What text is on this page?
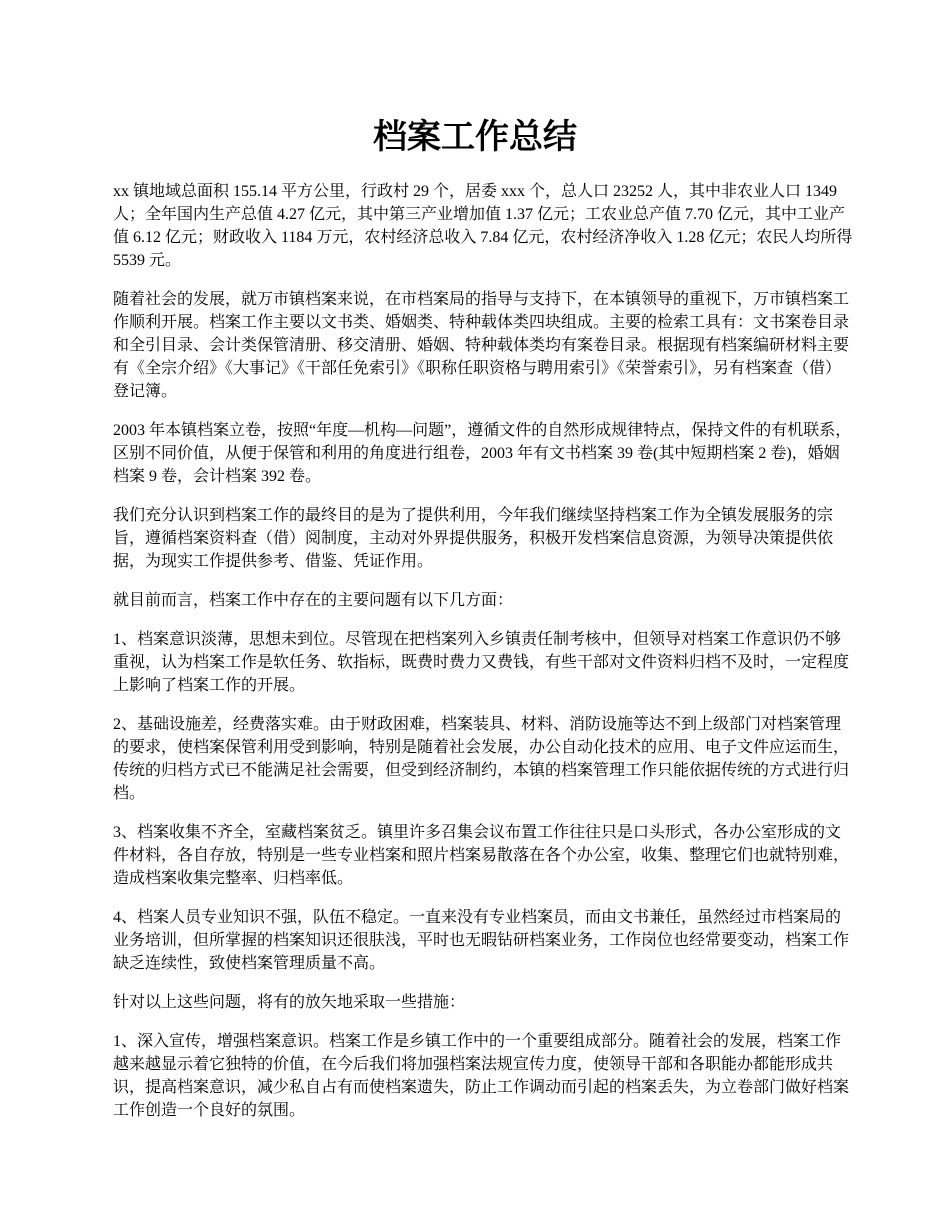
档案工作总结

xx 镇地域总面积 155.14 平方公里，行政村 29 个，居委 xxx 个，总人口 23252 人，其中非农业人口 1349 人；全年国内生产总值 4.27 亿元，其中第三产业增加值 1.37 亿元；工农业总产值 7.70 亿元，其中工业产值 6.12 亿元；财政收入 1184 万元，农村经济总收入 7.84 亿元，农村经济净收入 1.28 亿元；农民人均所得 5539 元。

随着社会的发展，就万市镇档案来说，在市档案局的指导与支持下，在本镇领导的重视下，万市镇档案工作顺利开展。档案工作主要以文书类、婚姻类、特种载体类四块组成。主要的检索工具有：文书案卷目录和全引目录、会计类保管清册、移交清册、婚姻、特种载体类均有案卷目录。根据现有档案编研材料主要有《全宗介绍》《大事记》《干部任免索引》《职称任职资格与聘用索引》《荣誉索引》，另有档案查（借）登记簿。

2003 年本镇档案立卷，按照“年度—机构—问题”，遵循文件的自然形成规律特点，保持文件的有机联系，区别不同价值，从便于保管和利用的角度进行组卷，2003 年有文书档案 39 卷(其中短期档案 2 卷)，婚姻档案 9 卷，会计档案 392 卷。

我们充分认识到档案工作的最终目的是为了提供利用，今年我们继续坚持档案工作为全镇发展服务的宗旨，遵循档案资料查（借）阅制度，主动对外界提供服务，积极开发档案信息资源，为领导决策提供依据，为现实工作提供参考、借鉴、凭证作用。

就目前而言，档案工作中存在的主要问题有以下几方面：

1、档案意识淡薄，思想未到位。尽管现在把档案列入乡镇责任制考核中，但领导对档案工作意识仍不够重视，认为档案工作是软任务、软指标，既费时费力又费钱，有些干部对文件资料归档不及时，一定程度上影响了档案工作的开展。

2、基础设施差，经费落实难。由于财政困难，档案装具、材料、消防设施等达不到上级部门对档案管理的要求，使档案保管利用受到影响，特别是随着社会发展，办公自动化技术的应用、电子文件应运而生，传统的归档方式已不能满足社会需要，但受到经济制约，本镇的档案管理工作只能依据传统的方式进行归档。

3、档案收集不齐全，室藏档案贫乏。镇里许多召集会议布置工作往往只是口头形式，各办公室形成的文件材料，各自存放，特别是一些专业档案和照片档案易散落在各个办公室，收集、整理它们也就特别难，造成档案收集完整率、归档率低。

4、档案人员专业知识不强，队伍不稳定。一直来没有专业档案员，而由文书兼任，虽然经过市档案局的业务培训，但所掌握的档案知识还很肤浅，平时也无暇钻研档案业务，工作岗位也经常要变动，档案工作缺乏连续性，致使档案管理质量不高。

针对以上这些问题，将有的放矢地采取一些措施：

1、深入宣传，增强档案意识。档案工作是乡镇工作中的一个重要组成部分。随着社会的发展，档案工作越来越显示着它独特的价值，在今后我们将加强档案法规宣传力度，使领导干部和各职能办都能形成共识，提高档案意识，减少私自占有而使档案遗失，防止工作调动而引起的档案丢失，为立卷部门做好档案工作创造一个良好的氛围。
